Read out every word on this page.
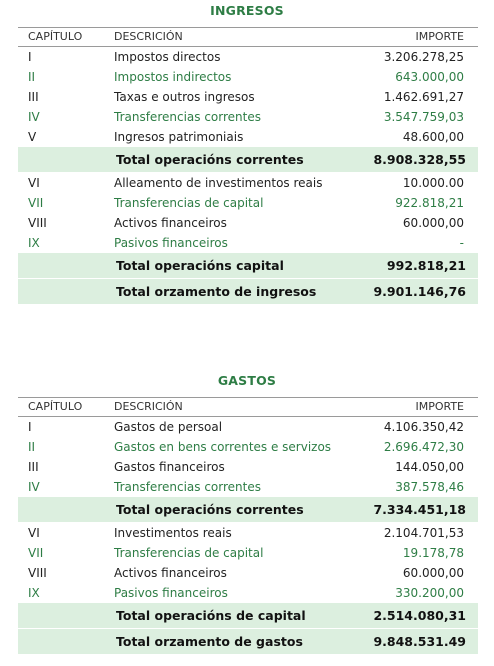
INGRESOS
CAPÍTULO	DESCRICIÓN	IMPORTE
I	Impostos directos	3.206.278,25
II	Impostos indirectos	643.000,00
III	Taxas e outros ingresos	1.462.691,27
IV	Transferencias correntes	3.547.759,03
V	Ingresos patrimoniais	48.600,00
Total operacións correntes	8.908.328,55
VI	Alleamento de investimentos reais	10.000.00
VII	Transferencias de capital	922.818,21
VIII	Activos financeiros	60.000,00
IX	Pasivos financeiros	-
Total operacións capital	992.818,21
Total orzamento de ingresos	9.901.146,76
GASTOS
CAPÍTULO	DESCRICIÓN	IMPORTE
I	Gastos de persoal	4.106.350,42
II	Gastos en bens correntes e servizos	2.696.472,30
III	Gastos financeiros	144.050,00
IV	Transferencias correntes	387.578,46
Total operacións correntes	7.334.451,18
VI	Investimentos reais	2.104.701,53
VII	Transferencias de capital	19.178,78
VIII	Activos financeiros	60.000,00
IX	Pasivos financeiros	330.200,00
Total operacións de capital	2.514.080,31
Total orzamento de gastos	9.848.531.49
